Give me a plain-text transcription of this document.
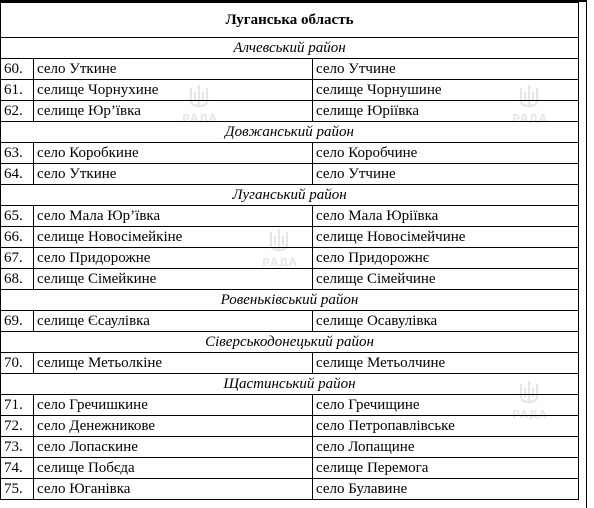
Луганська область		
Алчевський район		
60.	село Уткине	село Утчине
61.	селище Чорнухине	селище Чорнушине
62.	селище Юр’ївка	селище Юріївка
Довжанський район		
63.	село Коробкине	село Коробчине
64.	село Уткине	село Утчине
Луганський район		
65.	село Мала Юр’ївка	село Мала Юріївка
66.	селище Новосімейкіне	селище Новосімейчине
67.	село Придорожне	село Придорожнє
68.	селище Сімейкине	селище Сімейчине
Ровеньківський район		
69.	селище Єсаулівка	селище Осавулівка
Сіверськодонецький район		
70.	селище Метьолкіне	селище Метьолчине
Щастинський район		
71.	село Гречишкине	село Гречищине
72.	село Денежникове	село Петропавлівське
73.	село Лопаскине	село Лопащине
74.	селище Побєда	селище Перемога
75.	село Юганівка	село Булавине
РАДА	РАДА
РАДА
РАДА
